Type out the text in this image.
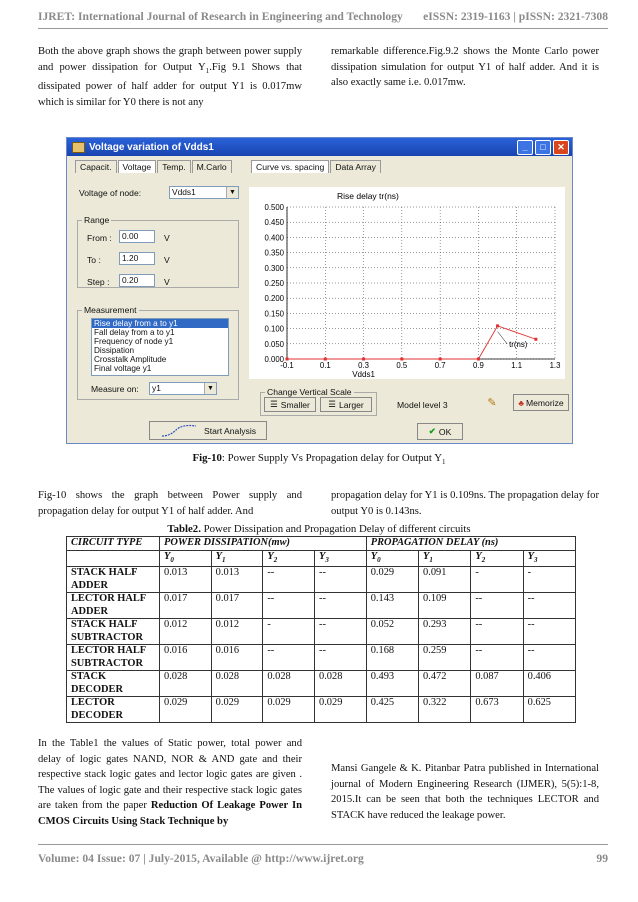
IJRET: International Journal of Research in Engineering and Technology eISSN: 2319-1163 | pISSN: 2321-7308
Both the above graph shows the graph between power supply and power dissipation for Output $Y_1.Fig$ 9.1 Shows that dissipated power of half adder for output Y1 is 0.017mw which is similar for Y0 there is not any
remarkable difference.Fig.9.2 shows the Monte Carlo power dissipation simulation for output Y1 of half adder. And it is also exactly same i.e. 0.017mw.
Voltage variation of Vdds1	_	□	✕
Capacit.	Voltage	Temp.	M.Carlo	Curve vs. spacing	Data Array
Voltage of node:	Vdds1	▼
Range
From :	0.00	V
To :	1.20	V
Step :	0.20	V
Measurement
Rise delay from a to y1
Fall delay from a to y1
Frequency of node y1
Dissipation
Crosstalk Amplitude
Final voltage y1
Measure on:	y1	▼
Rise delay tr(ns)
0.000
0.050
0.100
0.150
0.200
0.250
0.300
0.350
0.400
0.450
0.500
-0.1	0.1	0.3	0.5	0.7	0.9	1.1	1.3
Vdds1
tr(ns)
Change Vertical Scale
☰ Smaller ☰ Larger	Model level 3	✎	♣ Memorize
Start Analysis	✔ OK
Fig-10: Power Supply Vs Propagation delay for Output $Y_1$
Fig-10 shows the graph between Power supply and propagation delay for output Y1 of half adder. And
propagation delay for Y1 is 0.109ns. The propagation delay for output Y0 is 0.143ns.
Table2. Power Dissipation and Propagation Delay of different circuits
CIRCUIT TYPE	POWER DISSIPATION(mw)				PROPAGATION DELAY (ns)			
	$Y_0$	$Y_1$	$Y_2$	$Y_3$	$Y_0$	$Y_1$	$Y_2$	$Y_3$
STACK HALF ADDER	0.013	0.013	--	--	0.029	0.091	-	-
LECTOR HALF ADDER	0.017	0.017	--	--	0.143	0.109	--	--
STACK HALF SUBTRACTOR	0.012	0.012	-	--	0.052	0.293	--	--
LECTOR HALF SUBTRACTOR	0.016	0.016	--	--	0.168	0.259	--	--
STACK DECODER	0.028	0.028	0.028	0.028	0.493	0.472	0.087	0.406
LECTOR DECODER	0.029	0.029	0.029	0.029	0.425	0.322	0.673	0.625
In the Table1 the values of Static power, total power and delay of logic gates NAND, NOR & AND gate and their respective stack logic gates and lector logic gates are given . The values of logic gate and their respective stack logic gates are taken from the paper Reduction Of Leakage Power In CMOS Circuits Using Stack Technique by
Mansi Gangele & K. Pitanbar Patra published in International journal of Modern Engineering Research (IJMER), 5(5):1-8, 2015.It can be seen that both the techniques LECTOR and STACK have reduced the leakage power.
Volume: 04 Issue: 07 | July-2015, Available @ http://www.ijret.org	99
